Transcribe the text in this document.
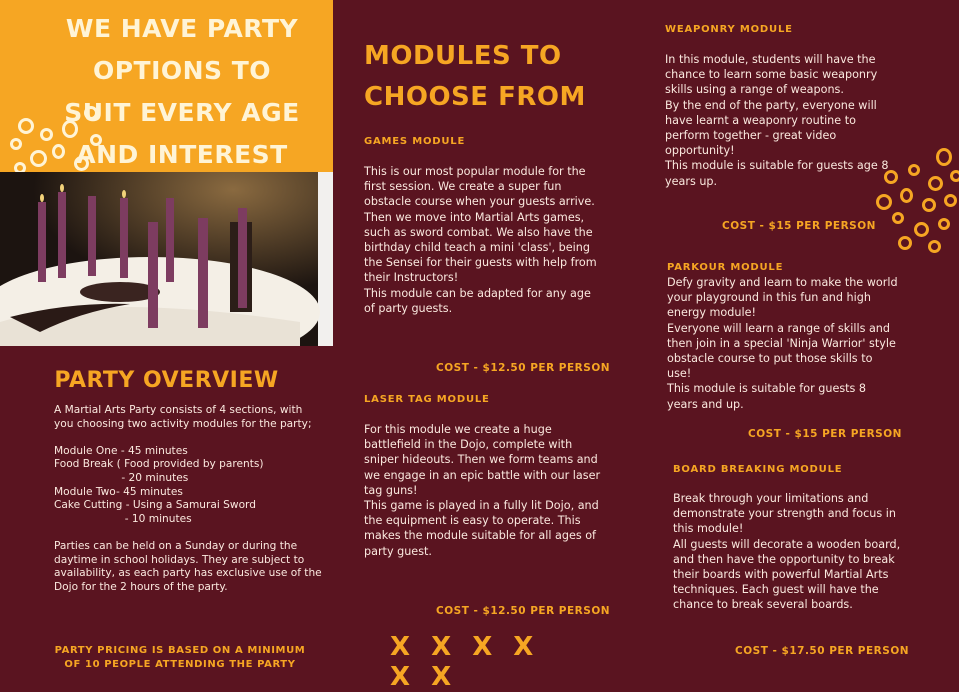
WE HAVE PARTY OPTIONS TO SUIT EVERY AGE AND INTEREST
PARTY OVERVIEW

A Martial Arts Party consists of 4 sections, with you choosing two activity modules for the party;

Module One - 45 minutes
Food Break ( Food provided by parents)
- 20 minutes
Module Two- 45 minutes
Cake Cutting - Using a Samurai Sword
- 10 minutes

Parties can be held on a Sunday or during the daytime in school holidays. They are subject to availability, as each party has exclusive use of the Dojo for the 2 hours of the party.

PARTY PRICING IS BASED ON A MINIMUM OF 10 PEOPLE ATTENDING THE PARTY
MODULES TO CHOOSE FROM
GAMES MODULE

This is our most popular module for the first session. We create a super fun obstacle course when your guests arrive. Then we move into Martial Arts games, such as sword combat. We also have the birthday child teach a mini 'class', being the Sensei for their guests with help from their Instructors!
This module can be adapted for any age of party guests.

COST - $12.50 PER PERSON
LASER TAG MODULE

For this module we create a huge battlefield in the Dojo, complete with sniper hideouts. Then we form teams and we engage in an epic battle with our laser tag guns!
This game is played in a fully lit Dojo, and the equipment is easy to operate. This makes the module suitable for all ages of party guest.

COST - $12.50 PER PERSON
X X X X X X
WEAPONRY MODULE

In this module, students will have the chance to learn some basic weaponry skills using a range of weapons.
By the end of the party, everyone will have learnt a weaponry routine to perform together - great video opportunity!
This module is suitable for guests age 8 years up.

COST - $15 PER PERSON
PARKOUR MODULE

Defy gravity and learn to make the world your playground in this fun and high energy module!
Everyone will learn a range of skills and then join in a special 'Ninja Warrior' style obstacle course to put those skills to use!
This module is suitable for guests 8 years and up.

COST - $15 PER PERSON
BOARD BREAKING MODULE

Break through your limitations and demonstrate your strength and focus in this module!
All guests will decorate a wooden board, and then have the opportunity to break their boards with powerful Martial Arts techniques. Each guest will have the chance to break several boards.

COST - $17.50 PER PERSON
